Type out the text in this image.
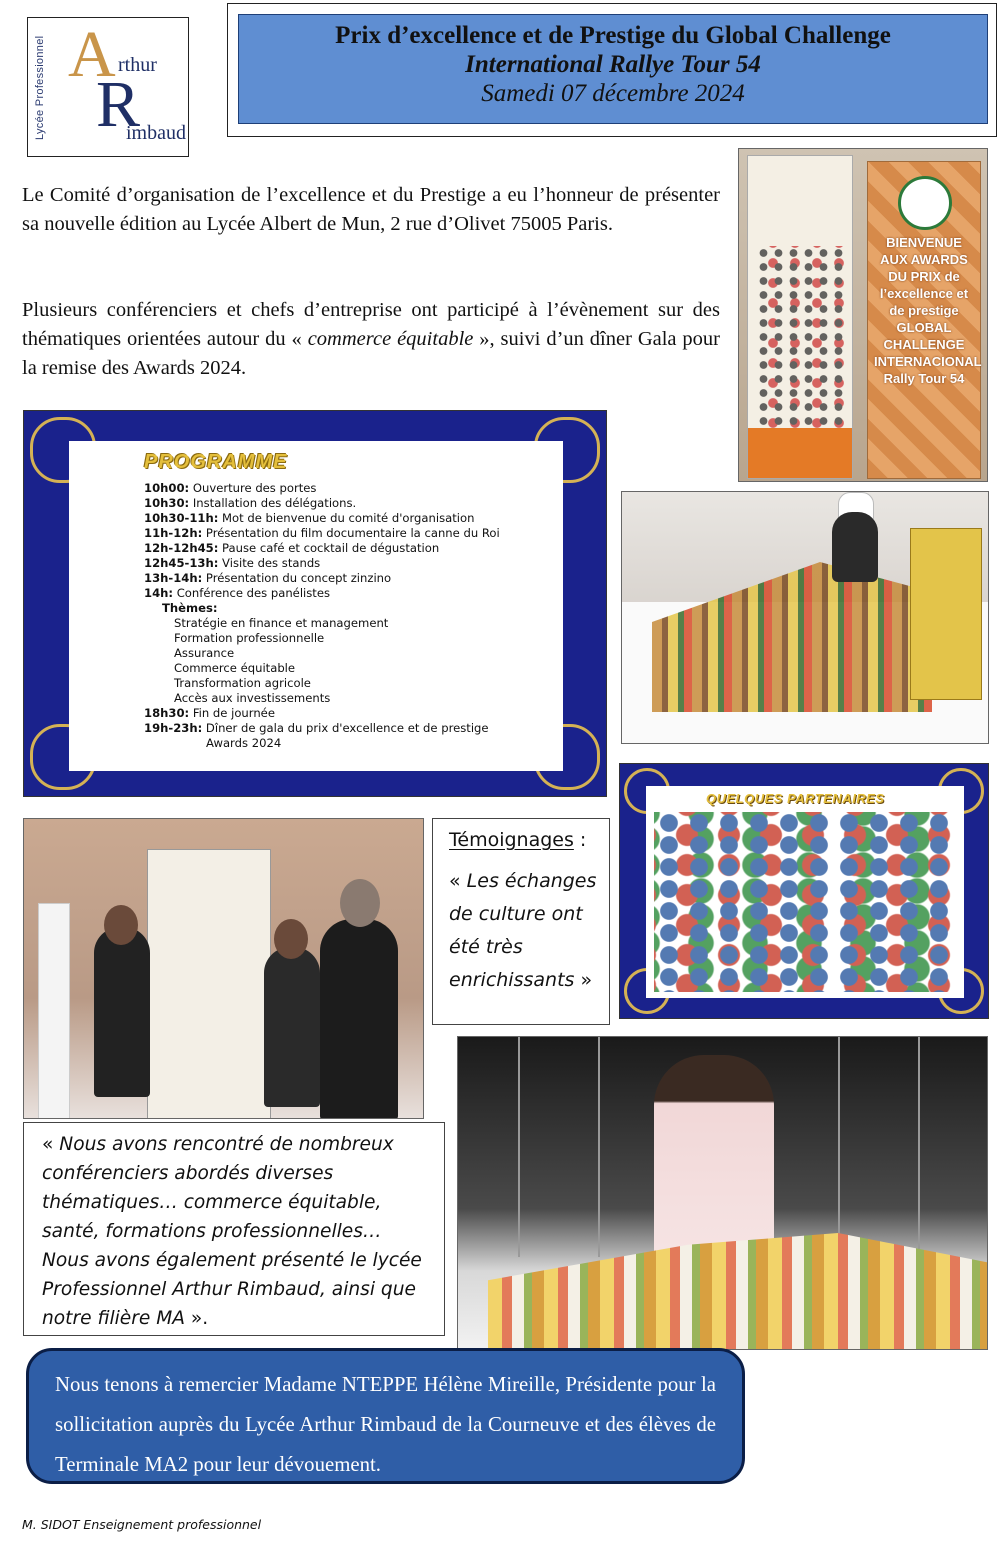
Lycée Professionnel A rthur
R
imbaud
Prix d’excellence et de Prestige du Global Challenge
International Rallye Tour 54
Samedi 07 décembre 2024

Le Comité d’organisation de l’excellence et du Prestige a eu l’honneur de présenter sa nouvelle édition au Lycée Albert de Mun, 2 rue d’Olivet 75005 Paris.

Plusieurs conférenciers et chefs d’entreprise ont participé à l’évènement sur des thématiques orientées autour du « commerce équitable », suivi d’un dîner Gala pour la remise des Awards 2024.

BIENVENUE AUX AWARDS DU PRIX de l’excellence et de prestige GLOBAL CHALLENGE INTERNACIONAL Rally Tour 54
PROGRAMME
10h00: Ouverture des portes
10h30: Installation des délégations.
10h30-11h: Mot de bienvenue du comité d'organisation
11h-12h: Présentation du film documentaire la canne du Roi
12h-12h45: Pause café et cocktail de dégustation
12h45-13h: Visite des stands
13h-14h: Présentation du concept zinzino
14h: Conférence des panélistes
Thèmes:
Stratégie en finance et management
Formation professionnelle
Assurance
Commerce équitable
Transformation agricole
Accès aux investissements
18h30: Fin de journée
19h-23h: Dîner de gala du prix d'excellence et de prestige
Awards 2024
QUELQUES PARTENAIRES
Témoignages :
« Les échanges de culture ont été très enrichissants »

« Nous avons rencontré de nombreux conférenciers abordés diverses thématiques… commerce équitable, santé, formations professionnelles… Nous avons également présenté le lycée Professionnel Arthur Rimbaud, ainsi que notre filière MA ».

Nous tenons à remercier Madame NTEPPE Hélène Mireille, Présidente pour la sollicitation auprès du Lycée Arthur Rimbaud de la Courneuve et des élèves de Terminale MA2 pour leur dévouement.

M. SIDOT Enseignement professionnel
